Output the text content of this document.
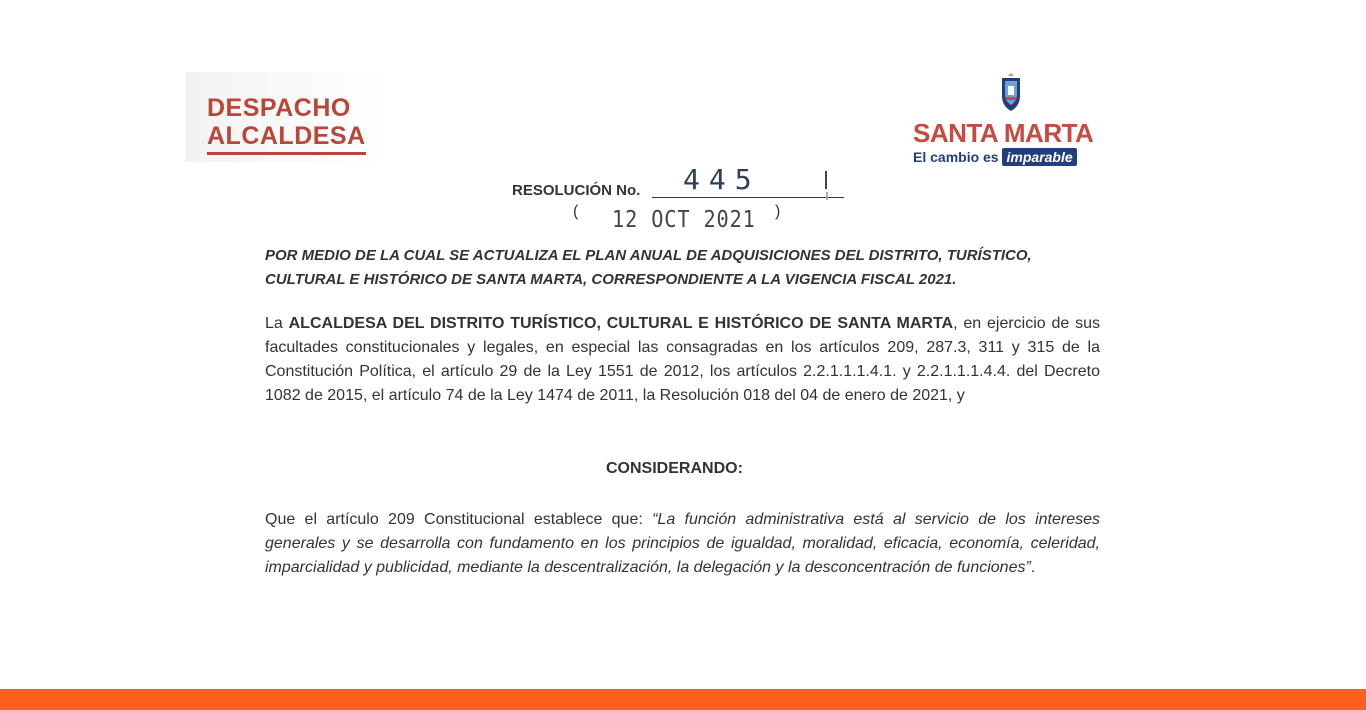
DESPACHO

ALCALDESA	SANTA MARTA
El cambio es imparable
RESOLUCIÓN No. 445
( 12 OCT 2021 )
POR MEDIO DE LA CUAL SE ACTUALIZA EL PLAN ANUAL DE ADQUISICIONES DEL DISTRITO, TURÍSTICO, CULTURAL E HISTÓRICO DE SANTA MARTA, CORRESPONDIENTE A LA VIGENCIA FISCAL 2021.
La ALCALDESA DEL DISTRITO TURÍSTICO, CULTURAL E HISTÓRICO DE SANTA MARTA, en ejercicio de sus facultades constitucionales y legales, en especial las consagradas en los artículos 209, 287.3, 311 y 315 de la Constitución Política, el artículo 29 de la Ley 1551 de 2012, los artículos 2.2.1.1.1.4.1. y 2.2.1.1.1.4.4. del Decreto 1082 de 2015, el artículo 74 de la Ley 1474 de 2011, la Resolución 018 del 04 de enero de 2021, y
CONSIDERANDO:
Que el artículo 209 Constitucional establece que: “La función administrativa está al servicio de los intereses generales y se desarrolla con fundamento en los principios de igualdad, moralidad, eficacia, economía, celeridad, imparcialidad y publicidad, mediante la descentralización, la delegación y la desconcentración de funciones”.
